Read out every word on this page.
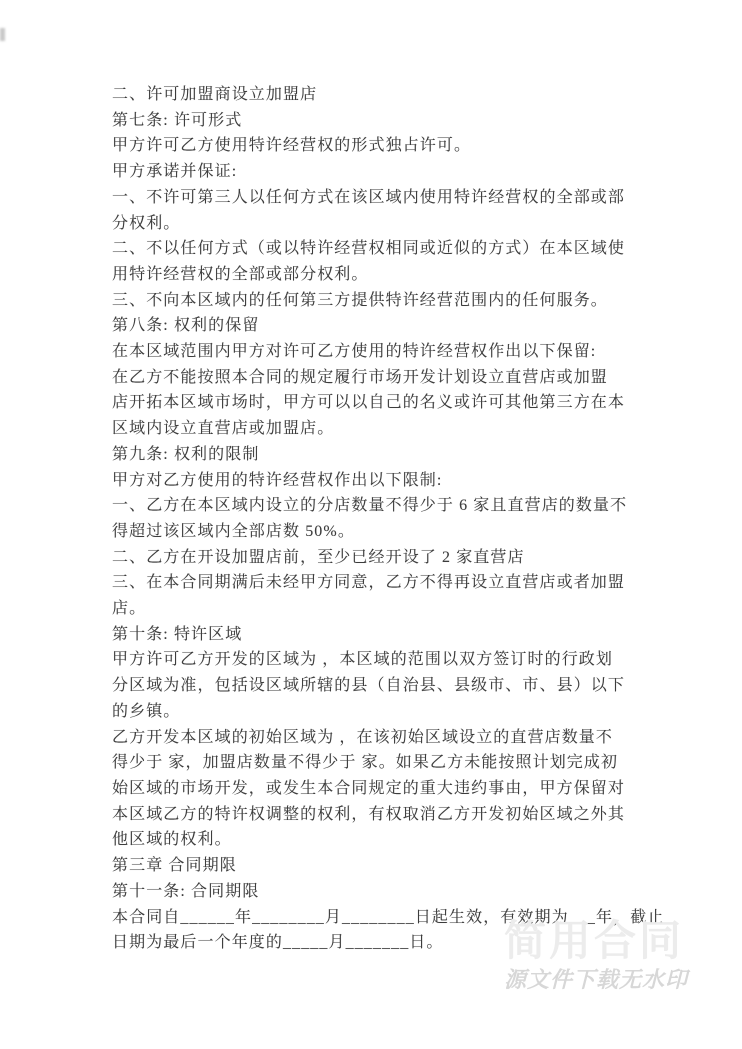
二、许可加盟商设立加盟店
第七条: 许可形式
甲方许可乙方使用特许经营权的形式独占许可。
甲方承诺并保证:
一、不许可第三人以任何方式在该区域内使用特许经营权的全部或部
分权利。
二、不以任何方式（或以特许经营权相同或近似的方式）在本区域使
用特许经营权的全部或部分权利。
三、不向本区域内的任何第三方提供特许经营范围内的任何服务。
第八条: 权利的保留
在本区域范围内甲方对许可乙方使用的特许经营权作出以下保留:
在乙方不能按照本合同的规定履行市场开发计划设立直营店或加盟
店开拓本区域市场时，甲方可以以自己的名义或许可其他第三方在本
区域内设立直营店或加盟店。
第九条: 权利的限制
甲方对乙方使用的特许经营权作出以下限制:
一、乙方在本区域内设立的分店数量不得少于 6 家且直营店的数量不
得超过该区域内全部店数 50%。
二、乙方在开设加盟店前，至少已经开设了 2 家直营店
三、在本合同期满后未经甲方同意，乙方不得再设立直营店或者加盟
店。
第十条: 特许区域
甲方许可乙方开发的区域为 ，本区域的范围以双方签订时的行政划
分区域为准，包括设区域所辖的县（自治县、县级市、市、县）以下
的乡镇。
乙方开发本区域的初始区域为 ，在该初始区域设立的直营店数量不
得少于 家，加盟店数量不得少于 家。如果乙方未能按照计划完成初
始区域的市场开发，或发生本合同规定的重大违约事由，甲方保留对
本区域乙方的特许权调整的权利，有权取消乙方开发初始区域之外其
他区域的权利。
第三章 合同期限
第十一条: 合同期限
本合同自______年________月________日起生效，有效期为___年，截止
日期为最后一个年度的_____月_______日。	简用合同
源文件下载无水印
